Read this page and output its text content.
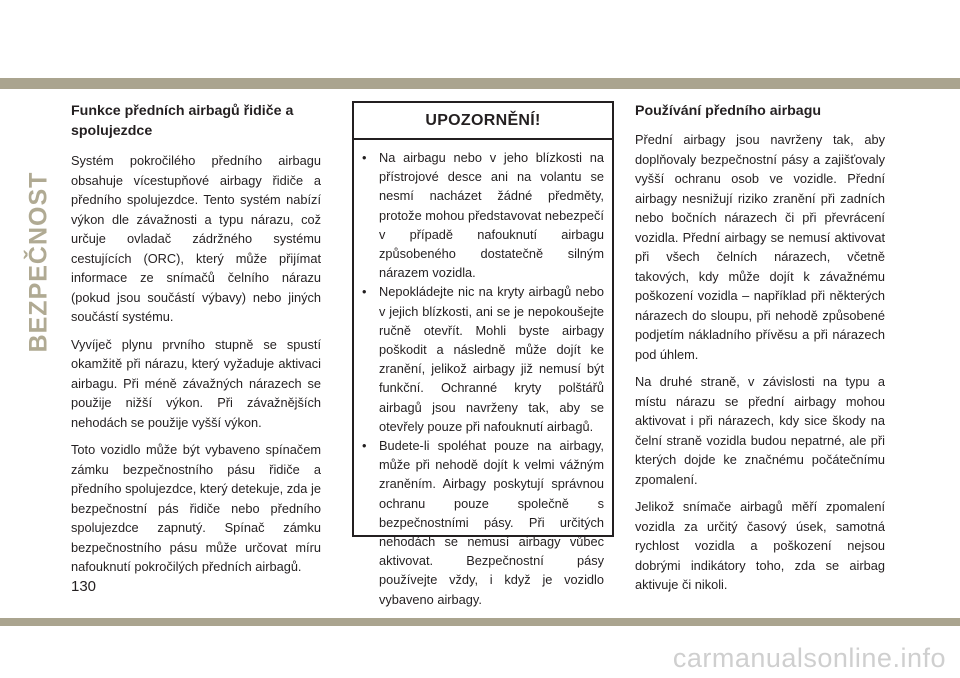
BEZPEČNOST
Funkce předních airbagů řidiče a spolujezdce

Systém pokročilého předního airbagu obsahuje vícestupňové airbagy řidiče a předního spolujezdce. Tento systém nabízí výkon dle závažnosti a typu nárazu, což určuje ovladač zádržného systému cestujících (ORC), který může přijímat informace ze snímačů čelního nárazu (pokud jsou součástí výbavy) nebo jiných součástí systému.

Vyvíječ plynu prvního stupně se spustí okamžitě při nárazu, který vyžaduje aktivaci airbagu. Při méně závažných nárazech se použije nižší výkon. Při závažnějších nehodách se použije vyšší výkon.

Toto vozidlo může být vybaveno spínačem zámku bezpečnostního pásu řidiče a předního spolujezdce, který detekuje, zda je bezpečnostní pás řidiče nebo předního spolujezdce zapnutý. Spínač zámku bezpečnostního pásu může určovat míru nafouknutí pokročilých předních airbagů.

UPOZORNĚNÍ!
• Na airbagu nebo v jeho blízkosti na přístrojové desce ani na volantu se nesmí nacházet žádné předměty, protože mohou představovat nebezpečí v případě nafouknutí airbagu způsobeného dostatečně silným nárazem vozidla.
• Nepokládejte nic na kryty airbagů nebo v jejich blízkosti, ani se je nepokoušejte ručně otevřít. Mohli byste airbagy poškodit a následně může dojít ke zranění, jelikož airbagy již nemusí být funkční. Ochranné kryty polštářů airbagů jsou navrženy tak, aby se otevřely pouze při nafouknutí airbagů.
• Budete-li spoléhat pouze na airbagy, může při nehodě dojít k velmi vážným zraněním. Airbagy poskytují správnou ochranu pouze společně s bezpečnostními pásy. Při určitých nehodách se nemusí airbagy vůbec aktivovat. Bezpečnostní pásy používejte vždy, i když je vozidlo vybaveno airbagy.
Používání předního airbagu

Přední airbagy jsou navrženy tak, aby doplňovaly bezpečnostní pásy a zajišťovaly vyšší ochranu osob ve vozidle. Přední airbagy nesnižují riziko zranění při zadních nebo bočních nárazech či při převrácení vozidla. Přední airbagy se nemusí aktivovat při všech čelních nárazech, včetně takových, kdy může dojít k závažnému poškození vozidla – například při některých nárazech do sloupu, při nehodě způsobené podjetím nákladního přívěsu a při nárazech pod úhlem.

Na druhé straně, v závislosti na typu a místu nárazu se přední airbagy mohou aktivovat i při nárazech, kdy sice škody na čelní straně vozidla budou nepatrné, ale při kterých dojde ke značnému počátečnímu zpomalení.

Jelikož snímače airbagů měří zpomalení vozidla za určitý časový úsek, samotná rychlost vozidla a poškození nejsou dobrými indikátory toho, zda se airbag aktivuje či nikoli.

130
carmanualsonline.info
